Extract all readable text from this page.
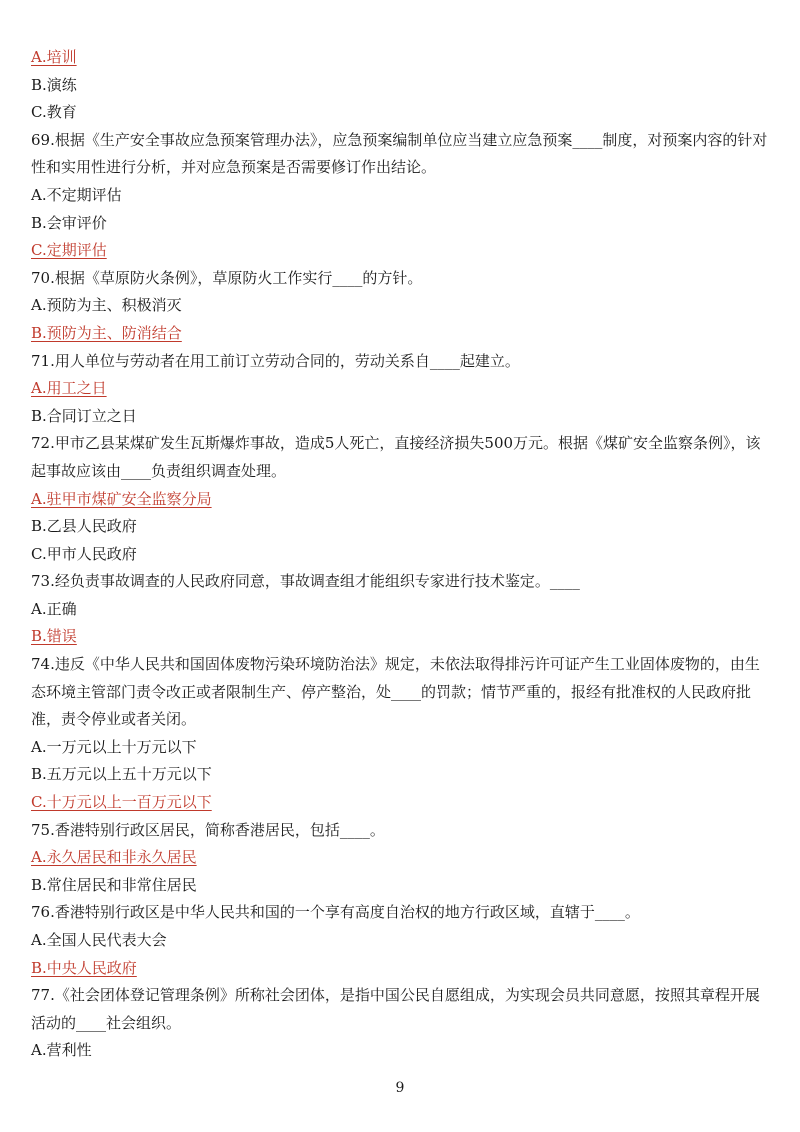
A.培训
B.演练
C.教育
69.根据《生产安全事故应急预案管理办法》，应急预案编制单位应当建立应急预案____制度，对预案内容的针对性和实用性进行分析，并对应急预案是否需要修订作出结论。
A.不定期评估
B.会审评价
C.定期评估
70.根据《草原防火条例》，草原防火工作实行____的方针。
A.预防为主、积极消灭
B.预防为主、防消结合
71.用人单位与劳动者在用工前订立劳动合同的，劳动关系自____起建立。
A.用工之日
B.合同订立之日
72.甲市乙县某煤矿发生瓦斯爆炸事故，造成5人死亡，直接经济损失500万元。根据《煤矿安全监察条例》，该起事故应该由____负责组织调查处理。
A.驻甲市煤矿安全监察分局
B.乙县人民政府
C.甲市人民政府
73.经负责事故调查的人民政府同意，事故调查组才能组织专家进行技术鉴定。____
A.正确
B.错误
74.违反《中华人民共和国固体废物污染环境防治法》规定，未依法取得排污许可证产生工业固体废物的，由生态环境主管部门责令改正或者限制生产、停产整治，处____的罚款；情节严重的，报经有批准权的人民政府批准，责令停业或者关闭。
A.一万元以上十万元以下
B.五万元以上五十万元以下
C.十万元以上一百万元以下
75.香港特别行政区居民，简称香港居民，包括____。
A.永久居民和非永久居民
B.常住居民和非常住居民
76.香港特别行政区是中华人民共和国的一个享有高度自治权的地方行政区域，直辖于____。
A.全国人民代表大会
B.中央人民政府
77.《社会团体登记管理条例》所称社会团体，是指中国公民自愿组成，为实现会员共同意愿，按照其章程开展活动的____社会组织。
A.营利性
9
